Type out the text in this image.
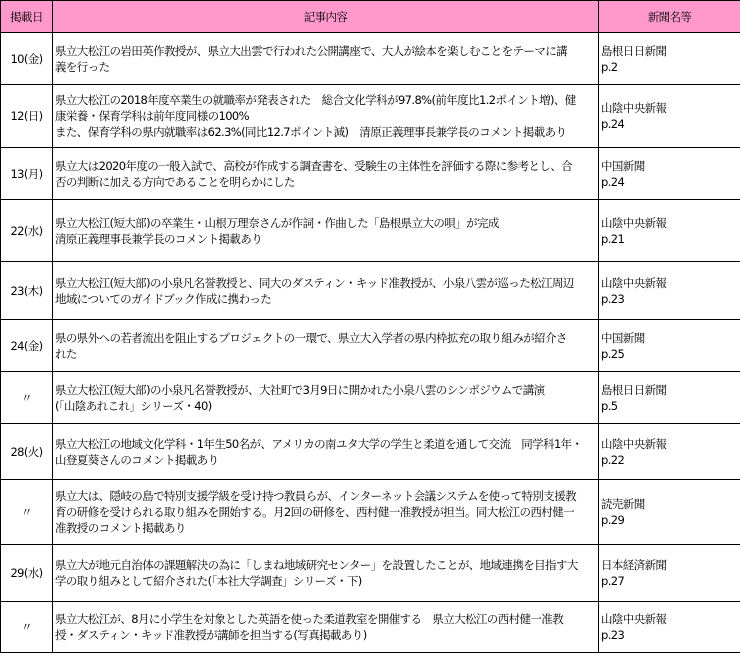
掲載日	記事内容	新聞名等
10(金)	県立大松江の岩田英作教授が、県立大出雲で行われた公開講座で、大人が絵本を楽しむことをテーマに講
義を行った	島根日日新聞
p.2
12(日)	県立大松江の2018年度卒業生の就職率が発表された　総合文化学科が97.8%(前年度比1.2ポイント増)、健
康栄養・保育学科は前年度同様の100%
また、保育学科の県内就職率は62.3%(同比12.7ポイント減)　清原正義理事長兼学長のコメント掲載あり	山陰中央新報
p.24
13(月)	県立大は2020年度の一般入試で、高校が作成する調査書を、受験生の主体性を評価する際に参考とし、合
否の判断に加える方向であることを明らかにした	中国新聞
p.24
22(水)	県立大松江(短大部)の卒業生・山根万理奈さんが作詞・作曲した「島根県立大の唄」が完成
清原正義理事長兼学長のコメント掲載あり	山陰中央新報
p.21
23(木)	県立大松江(短大部)の小泉凡名誉教授と、同大のダスティン・キッド准教授が、小泉八雲が巡った松江周辺
地域についてのガイドブック作成に携わった	山陰中央新報
p.23
24(金)	県の県外への若者流出を阻止するプロジェクトの一環で、県立大入学者の県内枠拡充の取り組みが紹介さ
れた	中国新聞
p.25
〃	県立大松江(短大部)の小泉凡名誉教授が、大社町で3月9日に開かれた小泉八雲のシンポジウムで講演
(「山陰あれこれ」シリーズ・40)	島根日日新聞
p.5
28(火)	県立大松江の地域文化学科・1年生50名が、アメリカの南ユタ大学の学生と柔道を通して交流　同学科1年・
山登夏葵さんのコメント掲載あり	山陰中央新報
p.22
〃	県立大は、隠岐の島で特別支援学級を受け持つ教員らが、インターネット会議システムを使って特別支援教
育の研修を受けられる取り組みを開始する。月2回の研修を、西村健一准教授が担当。同大松江の西村健一
准教授のコメント掲載あり	読売新聞
p.29
29(水)	県立大が地元自治体の課題解決の為に「しまね地域研究センター」を設置したことが、地域連携を目指す大
学の取り組みとして紹介された(「本社大学調査」シリーズ・下)	日本経済新聞
p.27
〃	県立大松江が、8月に小学生を対象とした英語を使った柔道教室を開催する　県立大松江の西村健一准教
授・ダスティン・キッド准教授が講師を担当する(写真掲載あり)	山陰中央新報
p.23
